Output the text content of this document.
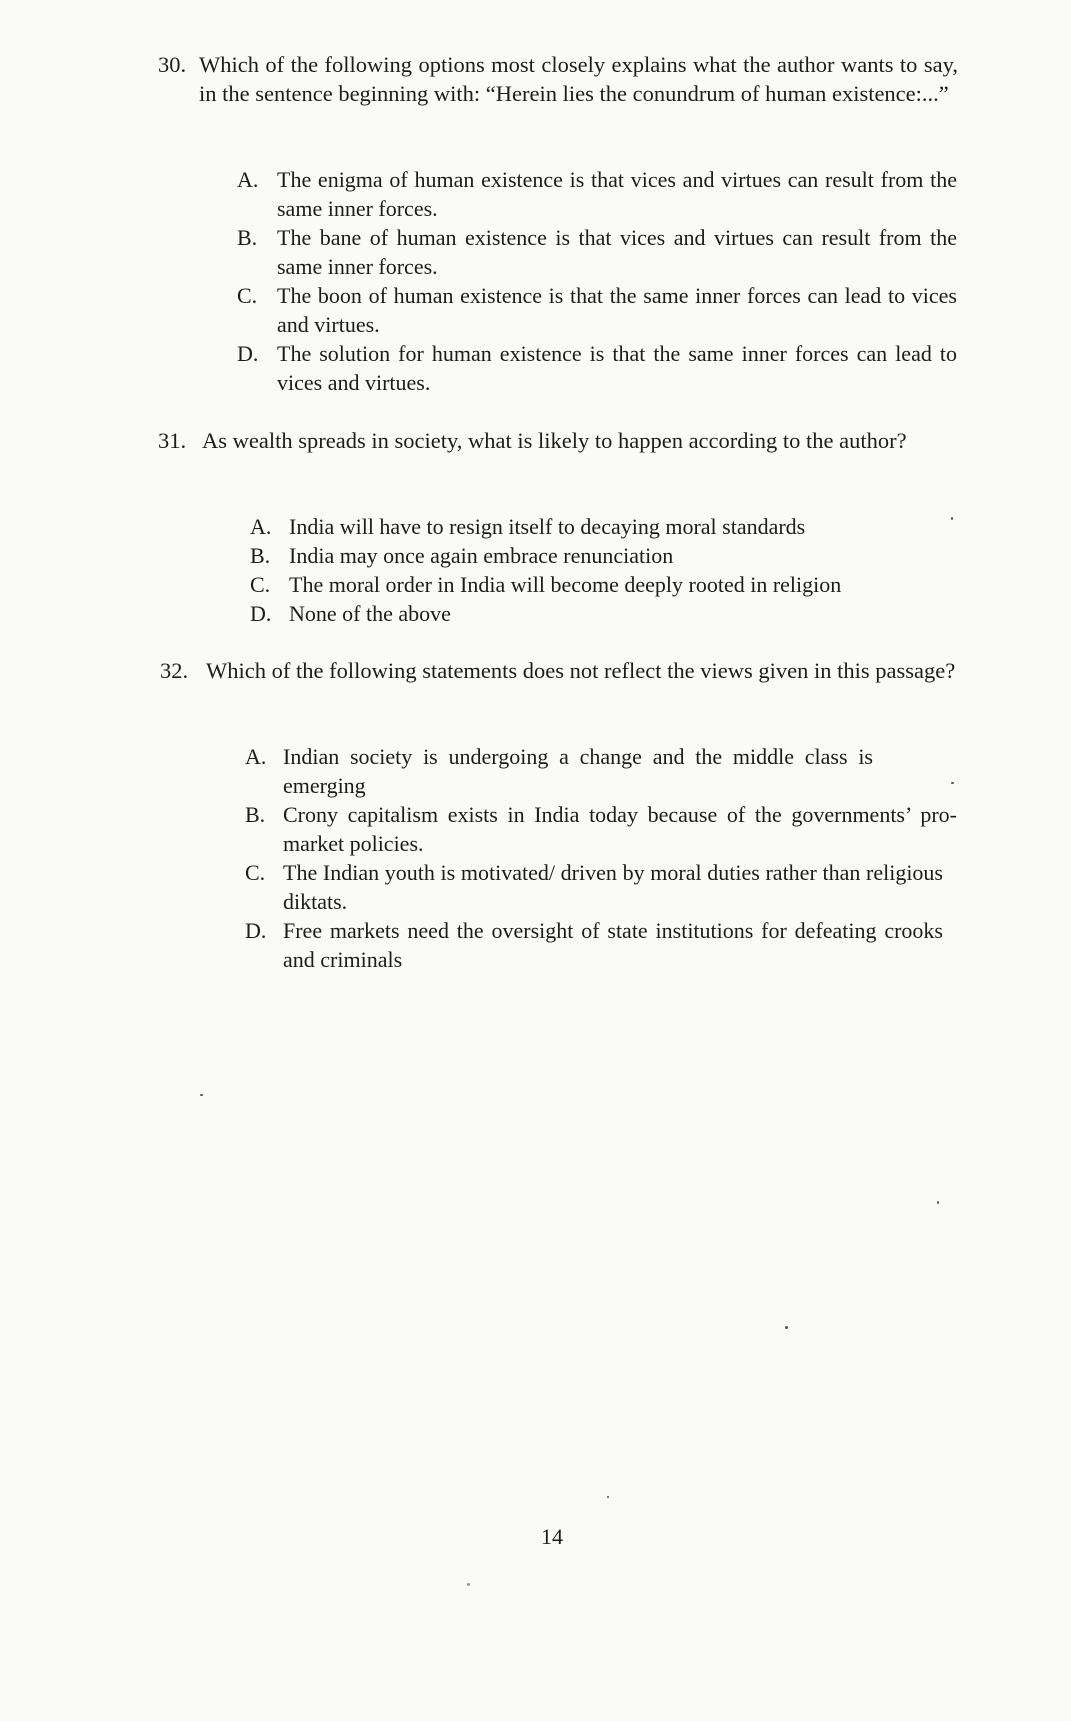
30. Which of the following options most closely explains what the author wants to say, in the sentence beginning with: “Herein lies the conundrum of human existence:...”
A. The enigma of human existence is that vices and virtues can result from the same inner forces.
B. The bane of human existence is that vices and virtues can result from the same inner forces.
C. The boon of human existence is that the same inner forces can lead to vices and virtues.
D. The solution for human existence is that the same inner forces can lead to vices and virtues.
31. As wealth spreads in society, what is likely to happen according to the author?
A. India will have to resign itself to decaying moral standards
B. India may once again embrace renunciation
C. The moral order in India will become deeply rooted in religion
D. None of the above
32. Which of the following statements does not reflect the views given in this passage?
A. Indian society is undergoing a change and the middle class is emerging
B. Crony capitalism exists in India today because of the governments’ pro- market policies.
C. The Indian youth is motivated/ driven by moral duties rather than religious diktats.
D. Free markets need the oversight of state institutions for defeating crooks and criminals
14
